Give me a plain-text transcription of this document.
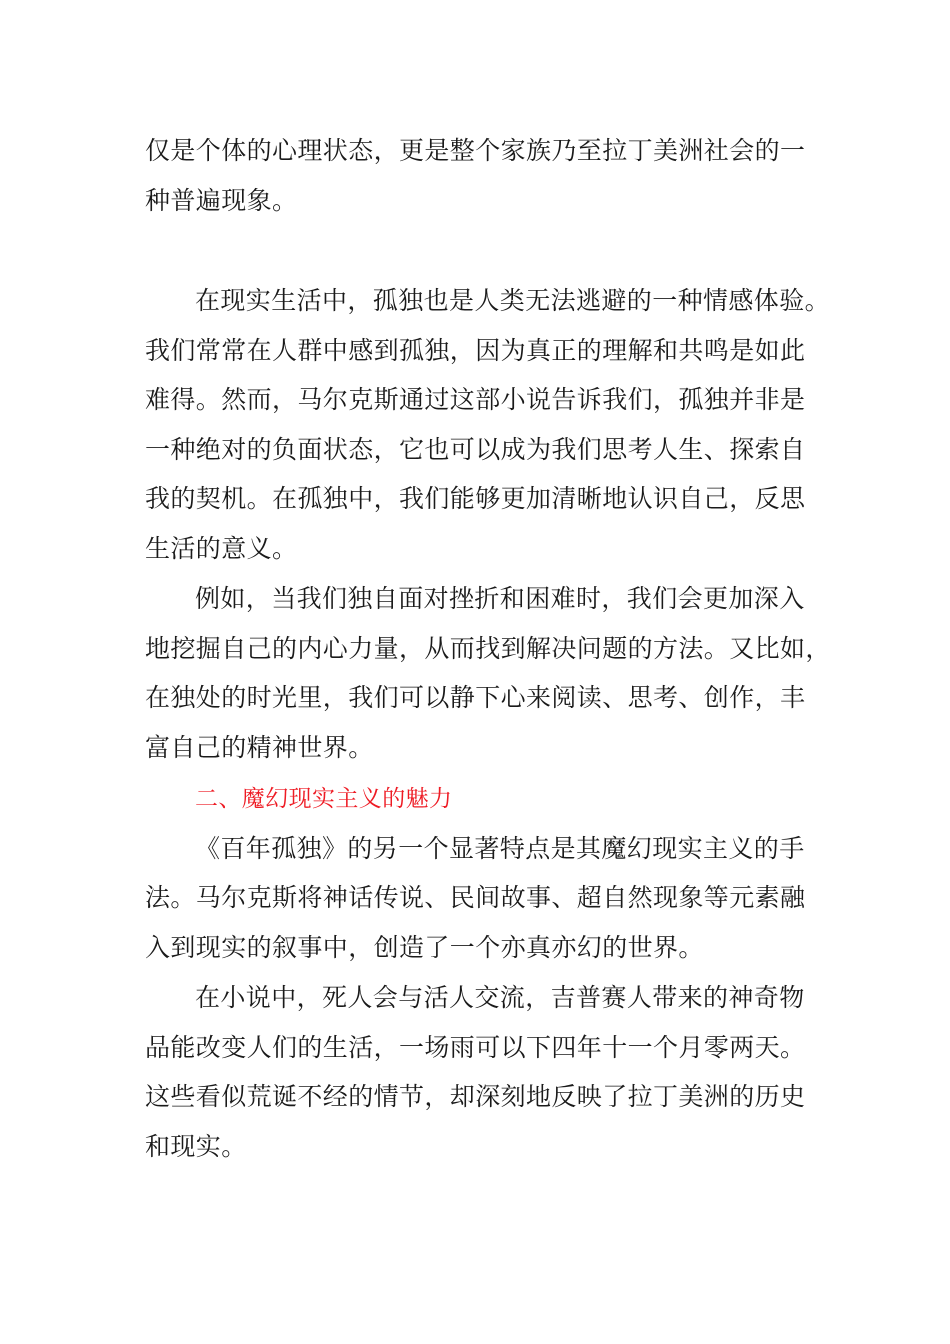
仅是个体的心理状态，更是整个家族乃至拉丁美洲社会的一
种普遍现象。
在现实生活中，孤独也是人类无法逃避的一种情感体验。
我们常常在人群中感到孤独，因为真正的理解和共鸣是如此
难得。然而，马尔克斯通过这部小说告诉我们，孤独并非是
一种绝对的负面状态，它也可以成为我们思考人生、探索自
我的契机。在孤独中，我们能够更加清晰地认识自己，反思
生活的意义。
例如，当我们独自面对挫折和困难时，我们会更加深入
地挖掘自己的内心力量，从而找到解决问题的方法。又比如，
在独处的时光里，我们可以静下心来阅读、思考、创作，丰
富自己的精神世界。
二、魔幻现实主义的魅力
《百年孤独》的另一个显著特点是其魔幻现实主义的手
法。马尔克斯将神话传说、民间故事、超自然现象等元素融
入到现实的叙事中，创造了一个亦真亦幻的世界。
在小说中，死人会与活人交流，吉普赛人带来的神奇物
品能改变人们的生活，一场雨可以下四年十一个月零两天。
这些看似荒诞不经的情节，却深刻地反映了拉丁美洲的历史
和现实。
